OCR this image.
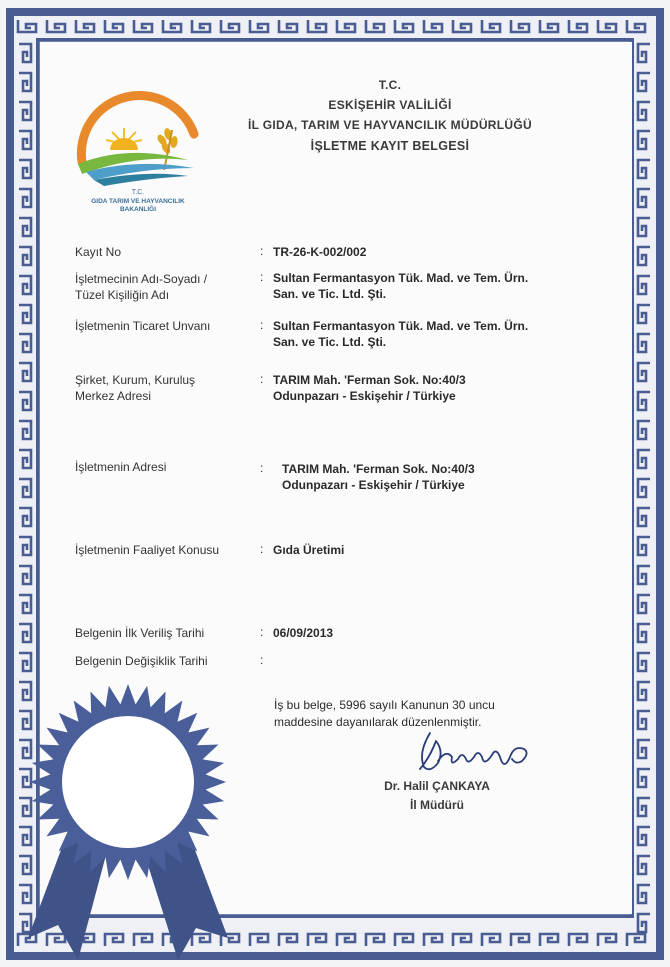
T.C.
GIDA TARIM VE HAYVANCILIK
BAKANLIĞI
T.C.
ESKİŞEHİR VALİLİĞİ
İL GIDA, TARIM VE HAYVANCILIK MÜDÜRLÜĞÜ
İŞLETME KAYIT BELGESİ
Kayıt No	: TR-26-K-002/002
İşletmecinin Adı-Soyadı /
Tüzel Kişiliğin Adı
: Sultan Fermantasyon Tük. Mad. ve Tem. Ürn.
San. ve Tic. Ltd. Şti.
İşletmenin Ticaret Unvanı	: Sultan Fermantasyon Tük. Mad. ve Tem. Ürn.
San. ve Tic. Ltd. Şti.
Şirket, Kurum, Kuruluş
Merkez Adresi
: TARIM Mah. 'Ferman Sok. No:40/3
Odunpazarı - Eskişehir / Türkiye
İşletmenin Adresi	: TARIM Mah. 'Ferman Sok. No:40/3
Odunpazarı - Eskişehir / Türkiye
İşletmenin Faaliyet Konusu	: Gıda Üretimi
Belgenin İlk Veriliş Tarihi	: 06/09/2013
Belgenin Değişiklik Tarihi	:
İş bu belge, 5996 sayılı Kanunun 30 uncu
maddesine dayanılarak düzenlenmiştir.
Dr. Halil ÇANKAYA
İl Müdürü
